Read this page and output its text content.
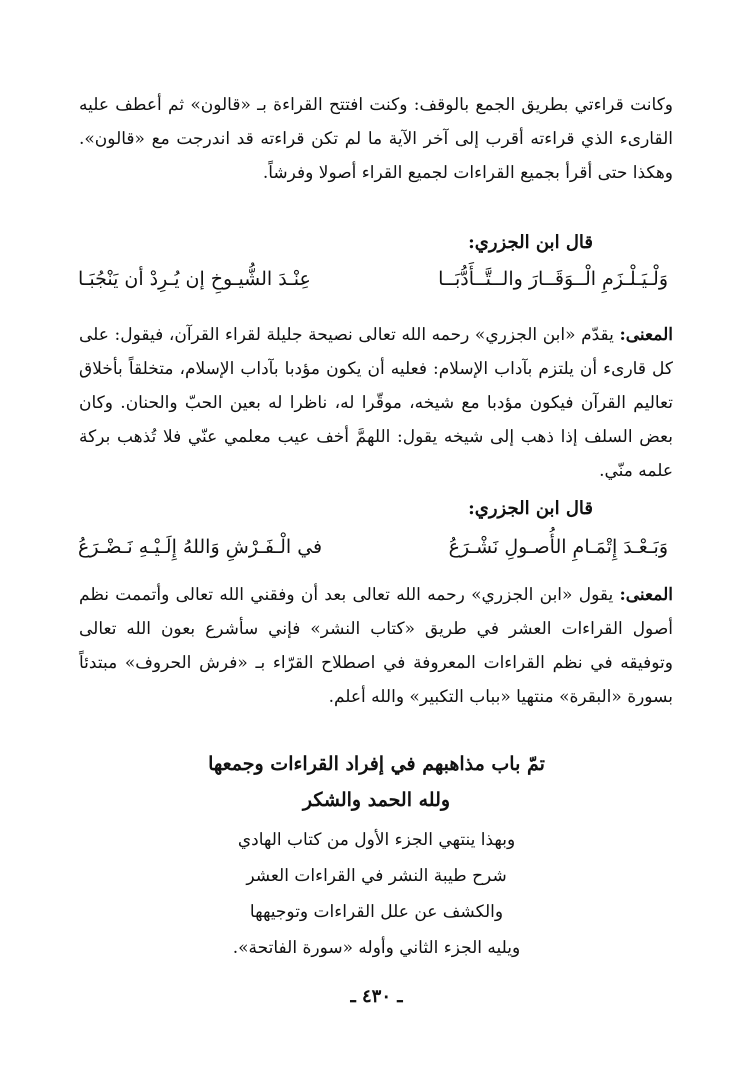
وكانت قراءتي بطريق الجمع بالوقف: وكنت افتتح القراءة بـ «قالون» ثم أعطف عليه القارىء الذي قراءته أقرب إلى آخر الآية ما لم تكن قراءته قد اندرجت مع «قالون». وهكذا حتى أقرأ بجميع القراءات لجميع القراء أصولا وفرشاً.

قال ابن الجزري:
وَلْـيَـلْـزَمِ الْــوَقَــارَ والــتَّــأَدُّبَــا
عِنْـدَ الشُّيـوخِ إن يُـرِدْ أن يَنْجُبَـا

المعنى: يقدّم «ابن الجزري» رحمه الله تعالى نصيحة جليلة لقراء القرآن، فيقول: على كل قارىء أن يلتزم بآداب الإسلام: فعليه أن يكون مؤدبا بآداب الإسلام، متخلقاً بأخلاق تعاليم القرآن فيكون مؤدبا مع شيخه، موقّرا له، ناظرا له بعين الحبّ والحنان. وكان بعض السلف إذا ذهب إلى شيخه يقول: اللهمَّ أخف عيب معلمي عنّي فلا تُذهب بركة علمه منّي.

قال ابن الجزري:
وَبَـعْـدَ إِتْمَـامِ الأُصـولِ نَشْـرَعُ
في الْـفَـرْشِ وَاللهُ إِلَـيْـهِ نَـضْـرَعُ

المعنى: يقول «ابن الجزري» رحمه الله تعالى بعد أن وفقني الله تعالى وأتممت نظم أصول القراءات العشر في طريق «كتاب النشر» فإني سأشرع بعون الله تعالى وتوفيقه في نظم القراءات المعروفة في اصطلاح القرّاء بـ «فرش الحروف» مبتدئاً بسورة «البقرة» منتهيا «بباب التكبير» والله أعلم.

تمّ باب مذاهبهم في إفراد القراءات وجمعها
ولله الحمد والشكر
وبهذا ينتهي الجزء الأول من كتاب الهادي
شرح طيبة النشر في القراءات العشر
والكشف عن علل القراءات وتوجيهها
ويليه الجزء الثاني وأوله «سورة الفاتحة».
ـ ٤٣٠ ـ
